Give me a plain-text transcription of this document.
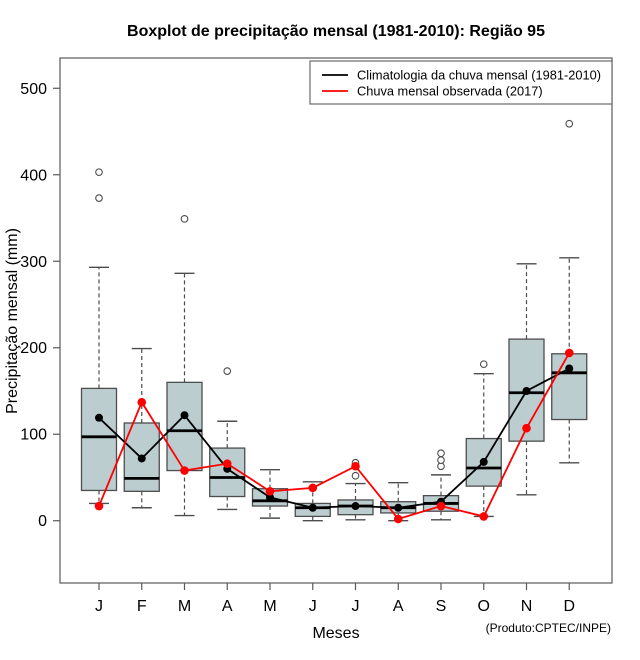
Boxplot de precipitação mensal (1981-2010): Região 95
0
100
200
300
400
500
J F M A M J J A S O N D
Meses
Precipitação mensal (mm)
(Produto:CPTEC/INPE)
Climatologia da chuva mensal (1981-2010)
Chuva mensal observada (2017)
